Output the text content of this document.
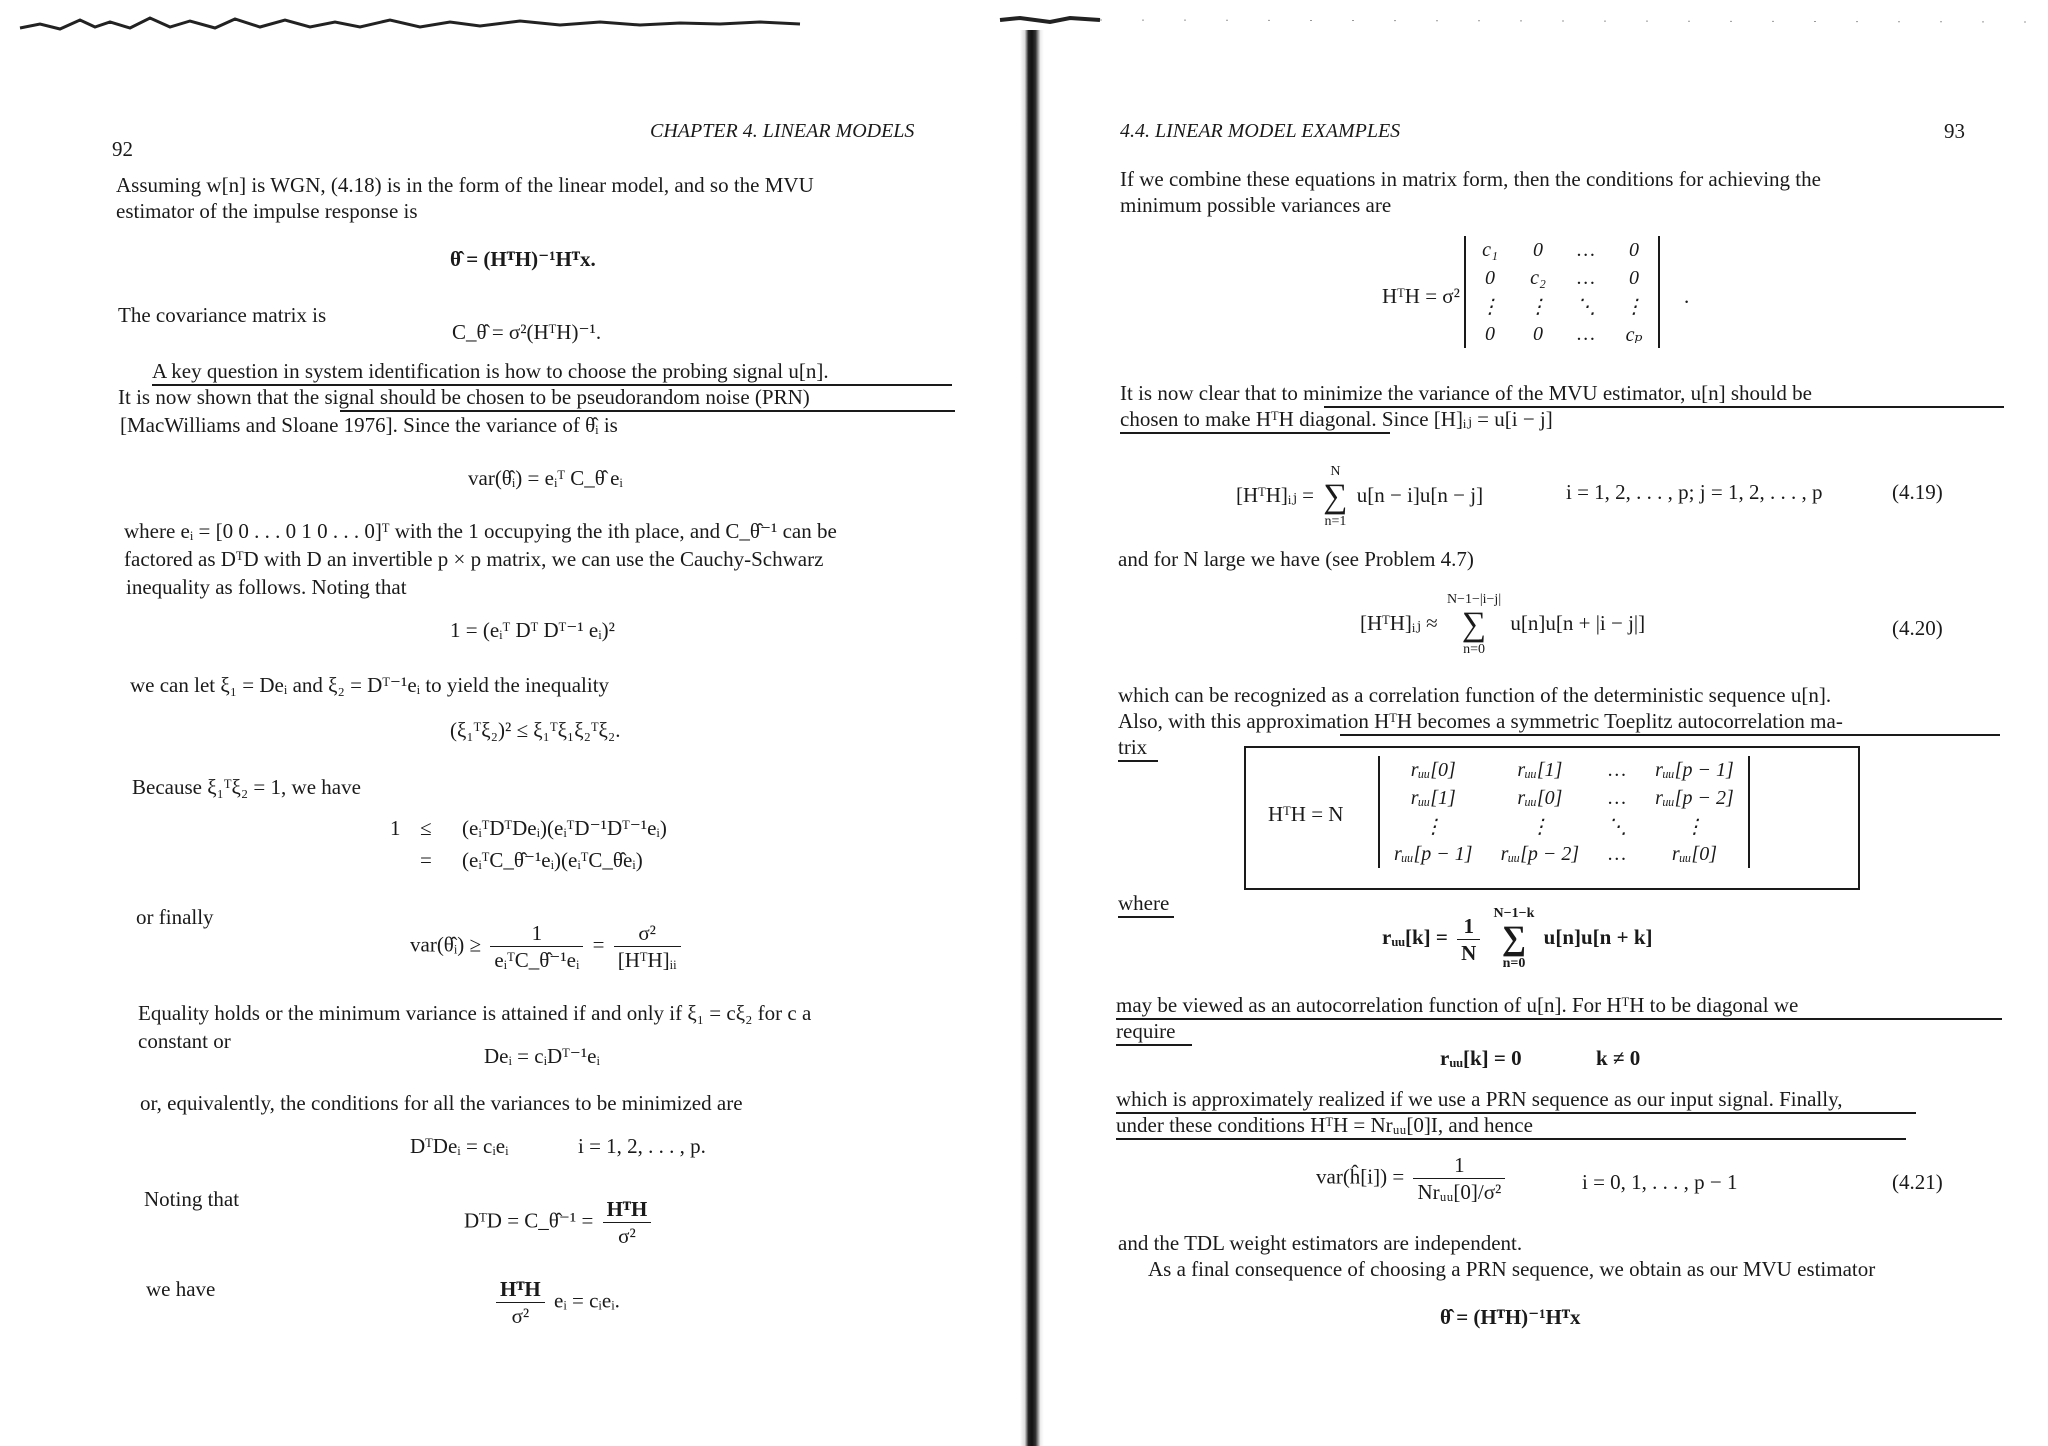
92
CHAPTER 4. LINEAR MODELS
Assuming w[n] is WGN, (4.18) is in the form of the linear model, and so the MVU
estimator of the impulse response is
θ̂ = (HᵀH)⁻¹Hᵀx.
The covariance matrix is
C_θ̂ = σ²(HᵀH)⁻¹.
A key question in system identification is how to choose the probing signal u[n].
It is now shown that the signal should be chosen to be pseudorandom noise (PRN)
[MacWilliams and Sloane 1976]. Since the variance of θ̂ᵢ is
var(θ̂ᵢ) = eᵢᵀ C_θ̂ eᵢ
where eᵢ = [0 0 . . . 0 1 0 . . . 0]ᵀ with the 1 occupying the ith place, and C_θ̂⁻¹ can be
factored as DᵀD with D an invertible p × p matrix, we can use the Cauchy-Schwarz
inequality as follows. Noting that
1 = (eᵢᵀ Dᵀ Dᵀ⁻¹ eᵢ)²
we can let ξ₁ = Deᵢ and ξ₂ = Dᵀ⁻¹eᵢ to yield the inequality
(ξ₁ᵀξ₂)² ≤ ξ₁ᵀξ₁ξ₂ᵀξ₂.
Because ξ₁ᵀξ₂ = 1, we have
1 ≤ (eᵢᵀDᵀDeᵢ)(eᵢᵀD⁻¹Dᵀ⁻¹eᵢ)
= (eᵢᵀC_θ̂⁻¹eᵢ)(eᵢᵀC_θ̂eᵢ)
or finally
var(θ̂ᵢ) ≥ $\frac{1}{\text{eᵢᵀC\_θ̂⁻¹eᵢ}} = \frac{\text{σ²}}{\text{[HᵀH]ᵢᵢ}}$
Equality holds or the minimum variance is attained if and only if ξ₁ = cξ₂ for c a
constant or
Deᵢ = cᵢDᵀ⁻¹eᵢ
or, equivalently, the conditions for all the variances to be minimized are
DᵀDeᵢ = cᵢeᵢ	i = 1, 2, . . . , p.
Noting that
DᵀD = C_θ̂⁻¹ = $\frac{\text{HᵀH}}{\text{σ²}}$
we have	$\frac{\text{HᵀH}}{\text{σ²}}$ eᵢ = cᵢeᵢ.
4.4. LINEAR MODEL EXAMPLES	93
If we combine these equations in matrix form, then the conditions for achieving the
minimum possible variances are
HᵀH = σ²
c₁	0	…	0
0	c₂	…	0
⋮	⋮	⋱	⋮
0	0	…	cₚ
.
It is now clear that to minimize the variance of the MVU estimator, u[n] should be
chosen to make HᵀH diagonal. Since [H]ᵢⱼ = u[i − j]
[HᵀH]ᵢⱼ =
N
∑
n=1
u[n − i]u[n − j]	i = 1, 2, . . . , p; j = 1, 2, . . . , p	(4.19)
and for N large we have (see Problem 4.7)
[HᵀH]ᵢⱼ ≈
N−1−|i−j|
∑
n=0
u[n]u[n + |i − j|]	(4.20)
which can be recognized as a correlation function of the deterministic sequence u[n].
Also, with this approximation HᵀH becomes a symmetric Toeplitz autocorrelation ma-
trix
HᵀH = N
rᵤᵤ[0]	rᵤᵤ[1]	…	rᵤᵤ[p − 1]
rᵤᵤ[1]	rᵤᵤ[0]	…	rᵤᵤ[p − 2]
⋮	⋮	⋱	⋮
rᵤᵤ[p − 1]	rᵤᵤ[p − 2]	…	rᵤᵤ[0]
where
rᵤᵤ[k] = $\frac{1}{N}$
N−1−k
∑
n=0
u[n]u[n + k]
may be viewed as an autocorrelation function of u[n]. For HᵀH to be diagonal we
require
rᵤᵤ[k] = 0	k ≠ 0
which is approximately realized if we use a PRN sequence as our input signal. Finally,
under these conditions HᵀH = Nrᵤᵤ[0]I, and hence
var(ĥ[i]) = $\frac{1}{\text{Nrᵤᵤ[0]/σ²}}$	i = 0, 1, . . . , p − 1	(4.21)
and the TDL weight estimators are independent.
As a final consequence of choosing a PRN sequence, we obtain as our MVU estimator
θ̂ = (HᵀH)⁻¹Hᵀx
